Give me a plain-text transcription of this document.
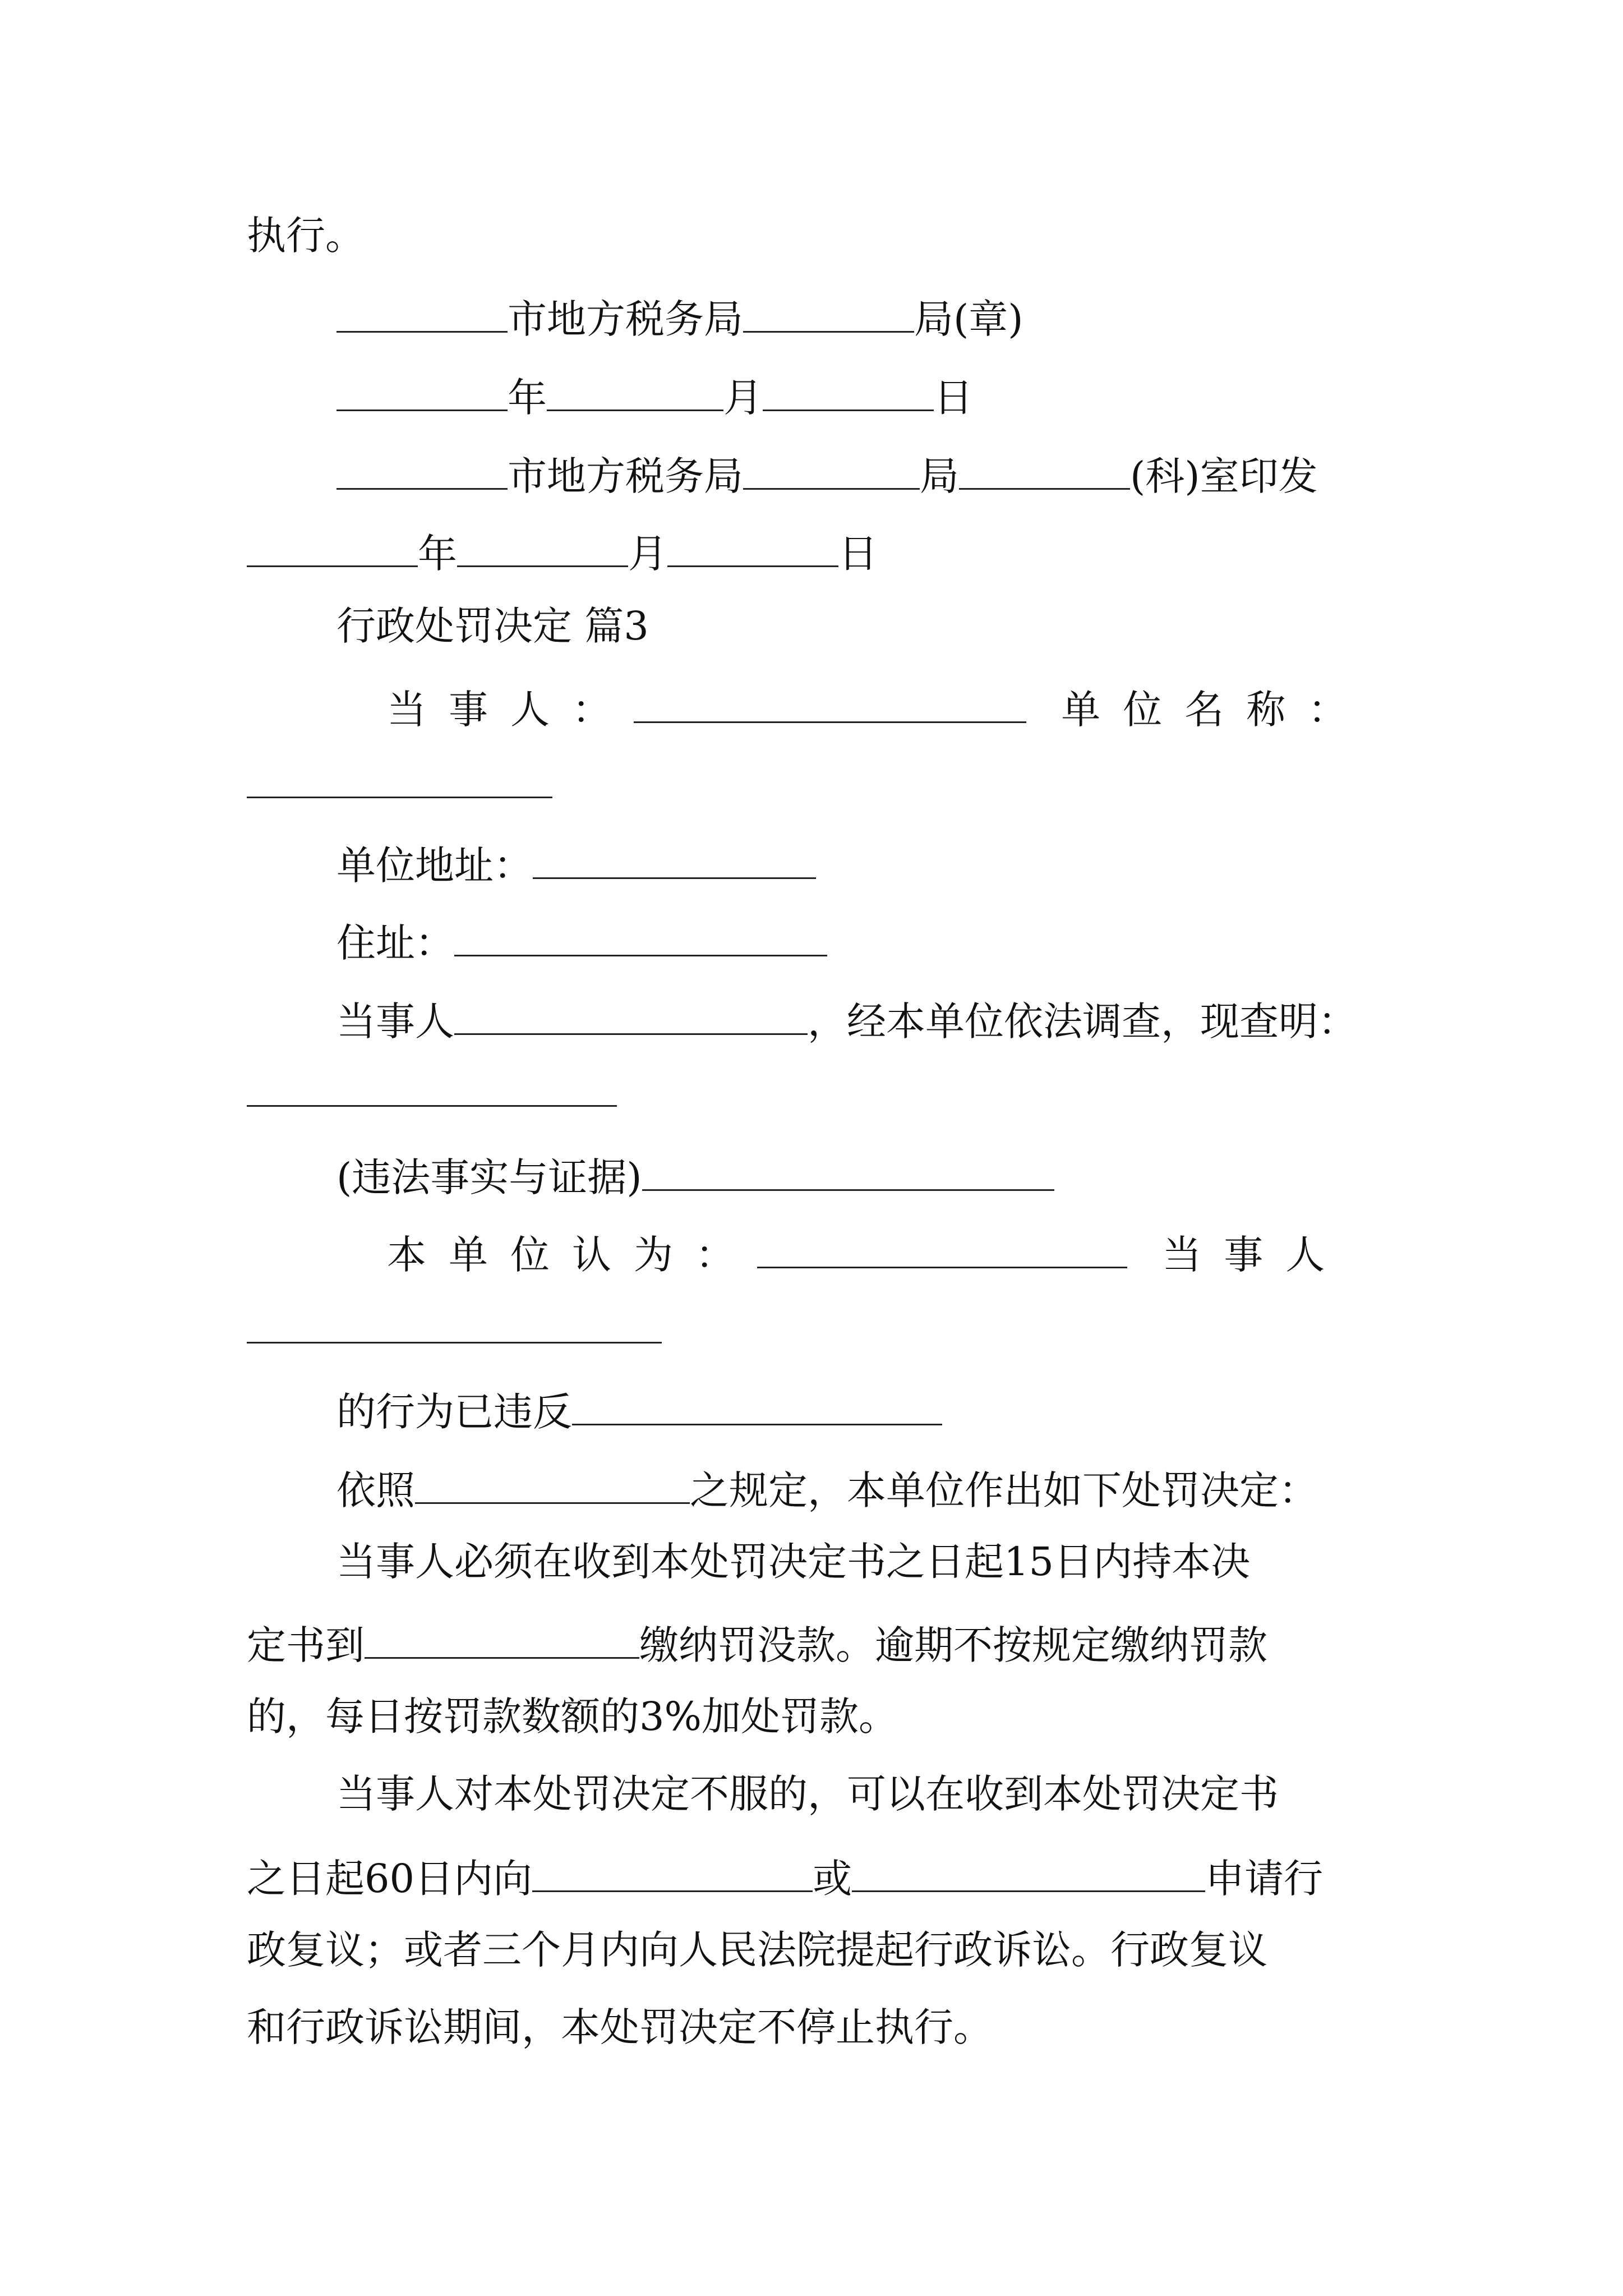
执行。
市地方税务局	局(章)
年	月	日
市地方税务局	局	(科)室印发
年	月	日
行政处罚决定 篇3
当事人：	单位名称：
单位地址：
住址：
当事人	，经本单位依法调查，现查明：
(违法事实与证据)
本单位认为：	当事人
的行为已违反
依照	之规定，本单位作出如下处罚决定：
当事人必须在收到本处罚决定书之日起15日内持本决
定书到	缴纳罚没款。逾期不按规定缴纳罚款
的，每日按罚款数额的3%加处罚款。
当事人对本处罚决定不服的，可以在收到本处罚决定书
之日起60日内向	或	申请行
政复议；或者三个月内向人民法院提起行政诉讼。行政复议
和行政诉讼期间，本处罚决定不停止执行。
